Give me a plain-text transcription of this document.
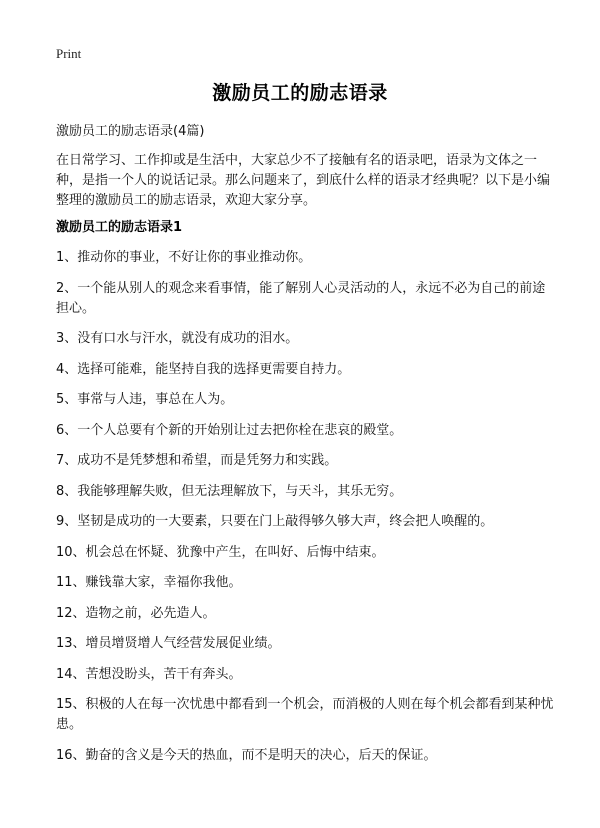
Print
激励员工的励志语录
激励员工的励志语录(4篇)
在日常学习、工作抑或是生活中，大家总少不了接触有名的语录吧，语录为文体之一种，是指一个人的说话记录。那么问题来了，到底什么样的语录才经典呢？以下是小编整理的激励员工的励志语录，欢迎大家分享。
激励员工的励志语录1
1、推动你的事业，不好让你的事业推动你。
2、一个能从别人的观念来看事情，能了解别人心灵活动的人，永远不必为自己的前途担心。
3、没有口水与汗水，就没有成功的泪水。
4、选择可能难，能坚持自我的选择更需要自持力。
5、事常与人违，事总在人为。
6、一个人总要有个新的开始别让过去把你栓在悲哀的殿堂。
7、成功不是凭梦想和希望，而是凭努力和实践。
8、我能够理解失败，但无法理解放下，与天斗，其乐无穷。
9、坚韧是成功的一大要素，只要在门上敲得够久够大声，终会把人唤醒的。
10、机会总在怀疑、犹豫中产生，在叫好、后悔中结束。
11、赚钱靠大家，幸福你我他。
12、造物之前，必先造人。
13、增员增贤增人气经营发展促业绩。
14、苦想没盼头，苦干有奔头。
15、积极的人在每一次忧患中都看到一个机会，而消极的人则在每个机会都看到某种忧患。
16、勤奋的含义是今天的热血，而不是明天的决心，后天的保证。
